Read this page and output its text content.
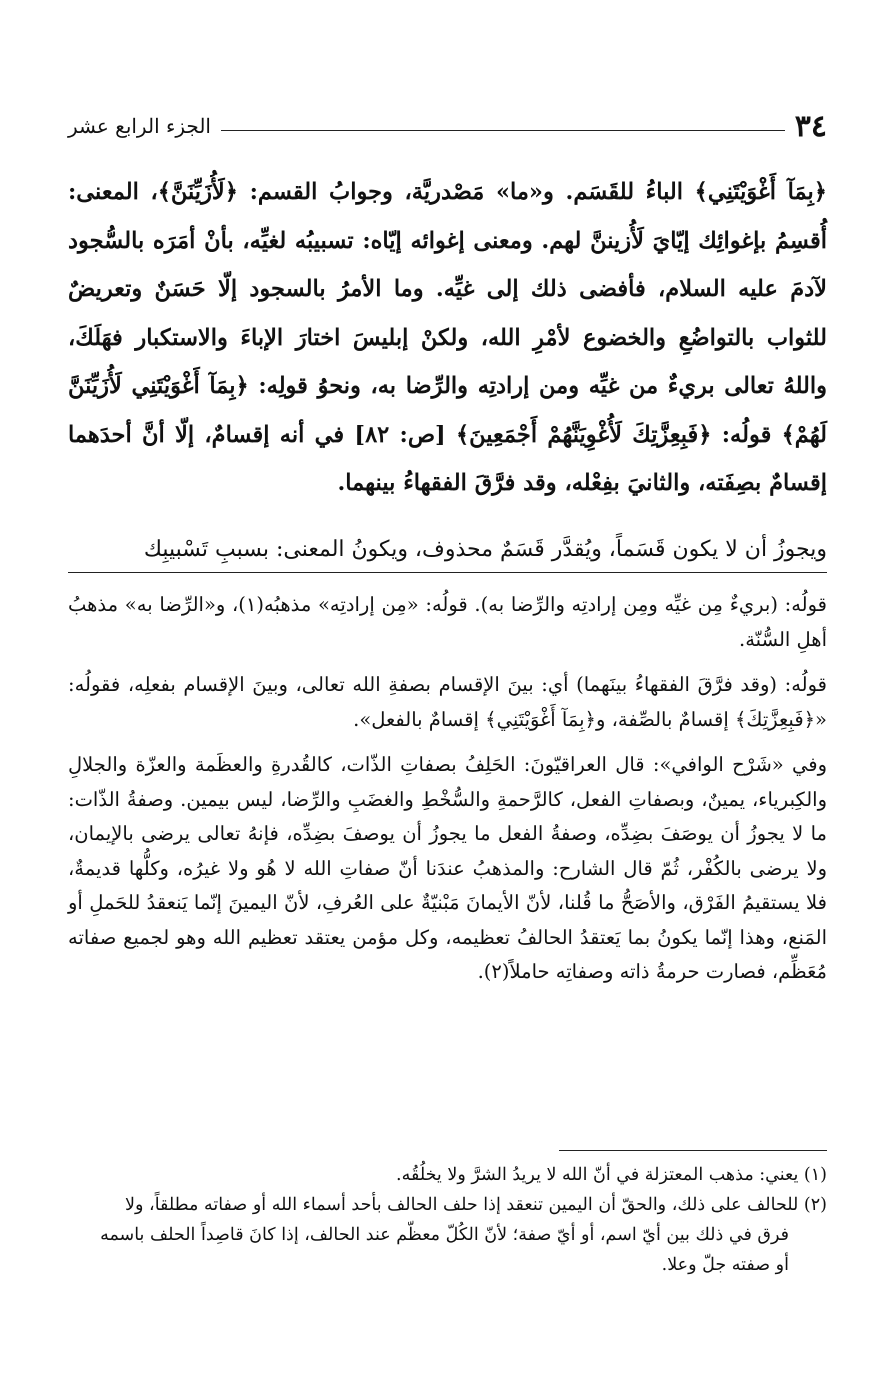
٣٤
الجزء الرابع عشر

﴿بِمَآ أَغْوَيْتَنِي﴾ الباءُ للقَسَم. و«ما» مَصْدريَّة، وجوابُ القسم: ﴿لَأُزَيِّنَنَّ﴾، المعنى: أُقسِمُ بإغوائِك إيّايَ لَأُزيننَّ لهم. ومعنى إغوائه إيّاه: تسبيبُه لغيِّه، بأنْ أمَرَه بالسُّجود لآدمَ عليه السلام، فأفضى ذلك إلى غيِّه. وما الأمرُ بالسجود إلّا حَسَنٌ وتعريضٌ للثواب بالتواضُعِ والخضوع لأمْرِ الله، ولكنْ إبليسَ اختارَ الإباءَ والاستكبار فهَلَكَ، واللهُ تعالى بريءٌ من غيِّه ومن إرادتِه والرِّضا به، ونحوُ قولِه: ﴿بِمَآ أَغْوَيْتَنِي لَأُزَيِّنَنَّ لَهُمْ﴾ قولُه: ﴿فَبِعِزَّتِكَ لَأُغْوِيَنَّهُمْ أَجْمَعِينَ﴾ [ص: ٨٢] في أنه إقسامٌ، إلّا أنَّ أحدَهما إقسامٌ بصِفَته، والثانيَ بفِعْله، وقد فرَّقَ الفقهاءُ بينهما.

ويجوزُ أن لا يكون قَسَماً، ويُقدَّر قَسَمٌ محذوف، ويكونُ المعنى: بسببِ تَسْبيبِك

قولُه: (بريءٌ مِن غيِّه ومِن إرادتِه والرِّضا به). قولُه: «مِن إرادتِه» مذهبُه(١)، و«الرِّضا به» مذهبُ أهلِ السُّنّة.

قولُه: (وقد فرَّقَ الفقهاءُ بينَهما) أي: بينَ الإقسام بصفةِ الله تعالى، وبينَ الإقسام بفعلِه، فقولُه: «﴿فَبِعِزَّتِكَ﴾ إقسامٌ بالصِّفة، و﴿بِمَآ أَغْوَيْتَنِي﴾ إقسامٌ بالفعل».

وفي «شَرْح الوافي»: قال العراقيّونَ: الحَلِفُ بصفاتِ الذّات، كالقُدرةِ والعظَمة والعزّة والجلالِ والكِبرياء، يمينٌ، وبصفاتِ الفعل، كالرَّحمةِ والسُّخْطِ والغضَبِ والرِّضا، ليس بيمين. وصفةُ الذّات: ما لا يجوزُ أن يوصَفَ بضِدِّه، وصفةُ الفعل ما يجوزُ أن يوصفَ بضِدِّه، فإنهُ تعالى يرضى بالإيمان، ولا يرضى بالكُفْر، ثُمّ قال الشارح: والمذهبُ عندَنا أنّ صفاتِ الله لا هُو ولا غيرُه، وكلُّها قديمةٌ، فلا يستقيمُ الفَرْق، والأصَحُّ ما قُلنا، لأنّ الأيمانَ مَبْنيّةٌ على العُرفِ، لأنّ اليمينَ إنّما يَنعقدُ للحَملِ أو المَنع، وهذا إنّما يكونُ بما يَعتقدُ الحالفُ تعظيمه، وكل مؤمن يعتقد تعظيم الله وهو لجميع صفاته مُعَظِّم، فصارت حرمةُ ذاته وصفاتِه حاملاً(٢).

(١) يعني: مذهب المعتزلة في أنّ الله لا يريدُ الشرَّ ولا يخلُقُه.

(٢) للحالف على ذلك، والحقّ أن اليمين تنعقد إذا حلف الحالف بأحد أسماء الله أو صفاته مطلقاً، ولا

فرق في ذلك بين أيّ اسم، أو أيّ صفة؛ لأنّ الكُلّ معظّم عند الحالف، إذا كانَ قاصِداً الحلف باسمه

أو صفته جلّ وعلا.
